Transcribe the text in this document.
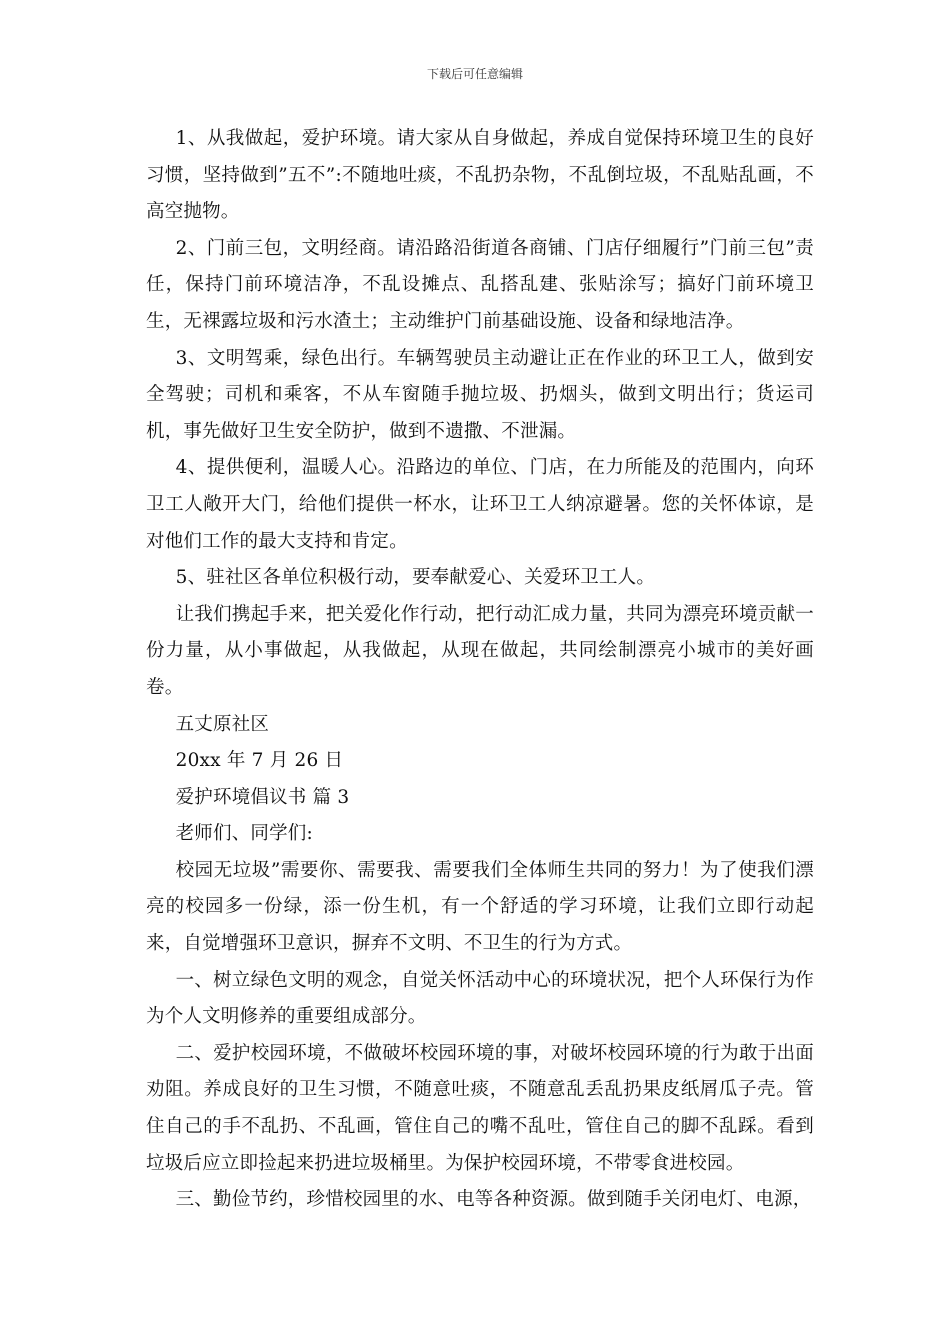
下载后可任意编辑

1、从我做起，爱护环境。请大家从自身做起，养成自觉保持环境卫生的良好习惯，坚持做到”五不”:不随地吐痰，不乱扔杂物，不乱倒垃圾，不乱贴乱画，不高空抛物。

2、门前三包，文明经商。请沿路沿街道各商铺、门店仔细履行”门前三包”责任，保持门前环境洁净，不乱设摊点、乱搭乱建、张贴涂写；搞好门前环境卫生，无裸露垃圾和污水渣土；主动维护门前基础设施、设备和绿地洁净。

3、文明驾乘，绿色出行。车辆驾驶员主动避让正在作业的环卫工人，做到安全驾驶；司机和乘客，不从车窗随手抛垃圾、扔烟头，做到文明出行；货运司机，事先做好卫生安全防护，做到不遗撒、不泄漏。

4、提供便利，温暖人心。沿路边的单位、门店，在力所能及的范围内，向环卫工人敞开大门，给他们提供一杯水，让环卫工人纳凉避暑。您的关怀体谅，是对他们工作的最大支持和肯定。

5、驻社区各单位积极行动，要奉献爱心、关爱环卫工人。

让我们携起手来，把关爱化作行动，把行动汇成力量，共同为漂亮环境贡献一份力量，从小事做起，从我做起，从现在做起，共同绘制漂亮小城市的美好画卷。

五丈原社区

20xx 年 7 月 26 日

爱护环境倡议书 篇 3

老师们、同学们:

校园无垃圾”需要你、需要我、需要我们全体师生共同的努力！为了使我们漂亮的校园多一份绿，添一份生机，有一个舒适的学习环境，让我们立即行动起来，自觉增强环卫意识，摒弃不文明、不卫生的行为方式。

一、树立绿色文明的观念，自觉关怀活动中心的环境状况，把个人环保行为作为个人文明修养的重要组成部分。

二、爱护校园环境，不做破坏校园环境的事，对破坏校园环境的行为敢于出面劝阻。养成良好的卫生习惯，不随意吐痰，不随意乱丢乱扔果皮纸屑瓜子壳。管住自己的手不乱扔、不乱画，管住自己的嘴不乱吐，管住自己的脚不乱踩。看到垃圾后应立即捡起来扔进垃圾桶里。为保护校园环境，不带零食进校园。

三、勤俭节约，珍惜校园里的水、电等各种资源。做到随手关闭电灯、电源，
